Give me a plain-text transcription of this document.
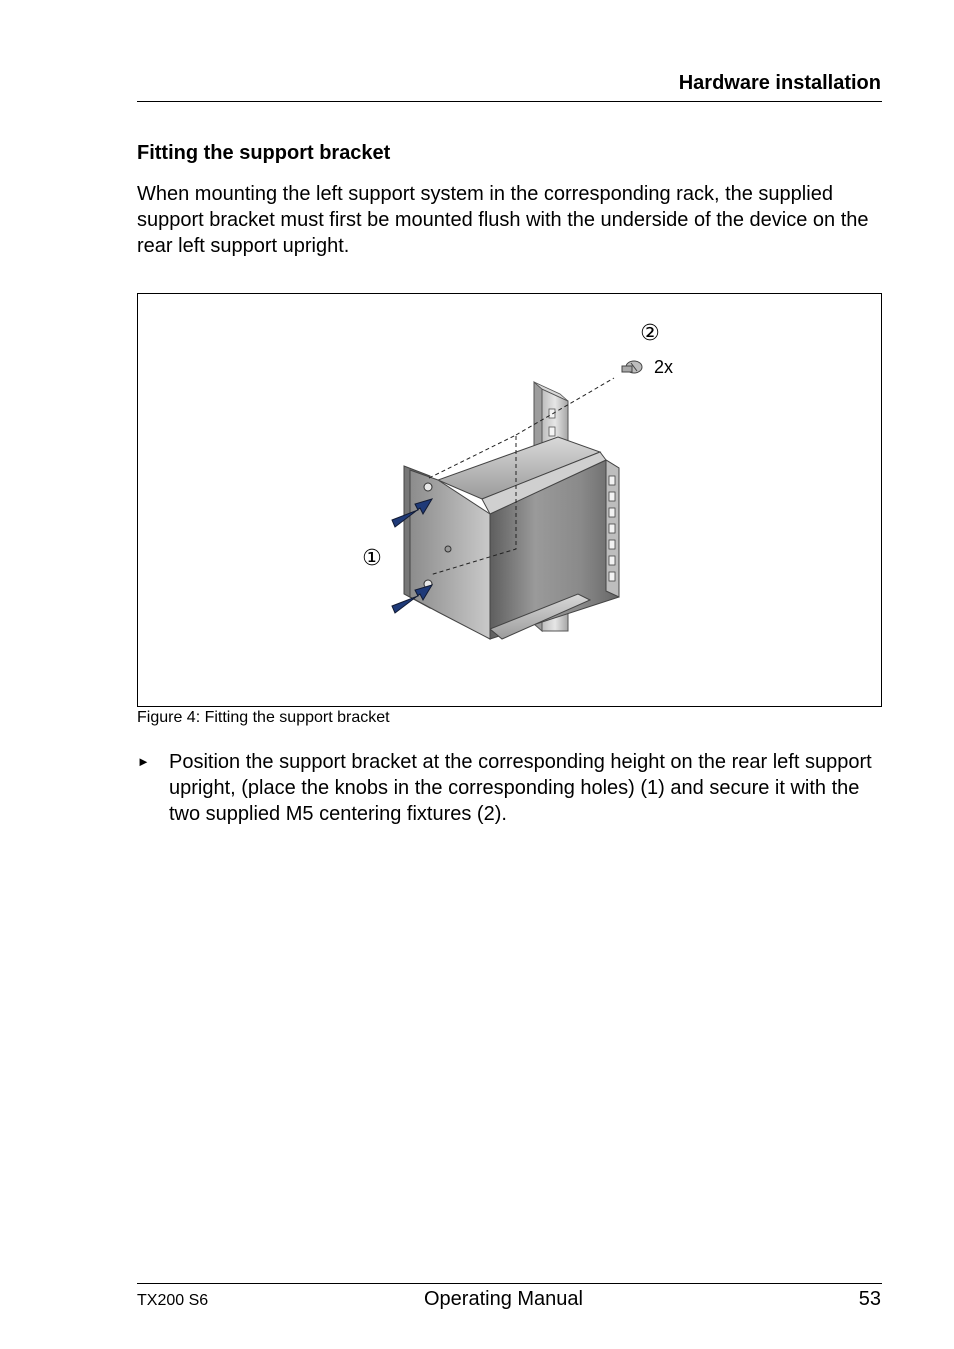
Hardware installation
Fitting the support bracket

When mounting the left support system in the corresponding rack, the supplied support bracket must first be mounted flush with the underside of the device on the rear left support upright.

2x
②
①
Figure 4: Fitting the support bracket
► Position the support bracket at the corresponding height on the rear left support upright, (place the knobs in the corresponding holes) (1) and secure it with the two supplied M5 centering fixtures (2).

TX200 S6	Operating Manual	53
